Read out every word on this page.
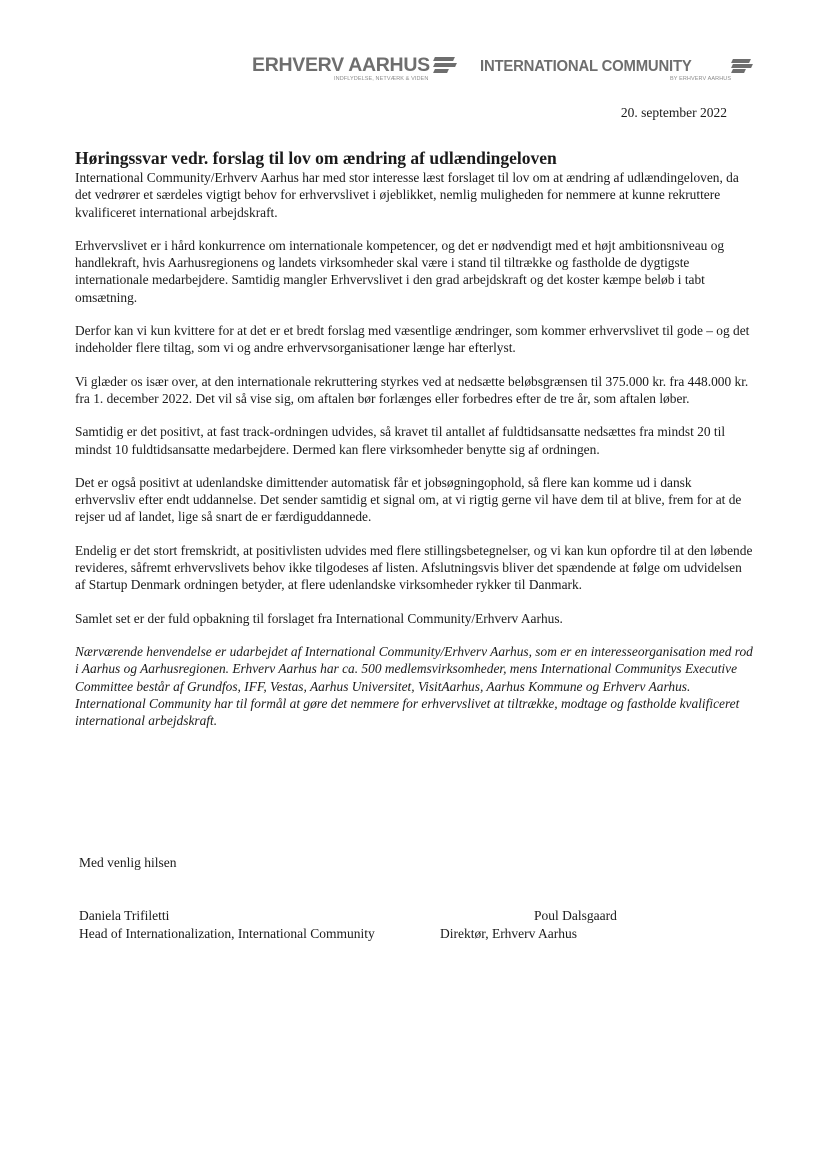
ERHVERV AARHUS
INDFLYDELSE, NETVÆRK & VIDEN
INTERNATIONAL COMMUNITY
BY ERHVERV AARHUS
20. september 2022
Høringssvar vedr. forslag til lov om ændring af udlændingeloven

International Community/Erhverv Aarhus har med stor interesse læst forslaget til lov om at ændring af udlændingeloven, da det vedrører et særdeles vigtigt behov for erhvervslivet i øjeblikket, nemlig muligheden for nemmere at kunne rekruttere kvalificeret international arbejdskraft.

Erhvervslivet er i hård konkurrence om internationale kompetencer, og det er nødvendigt med et højt ambitionsniveau og handlekraft, hvis Aarhusregionens og landets virksomheder skal være i stand til tiltrække og fastholde de dygtigste internationale medarbejdere. Samtidig mangler Erhvervslivet i den grad arbejdskraft og det koster kæmpe beløb i tabt omsætning.

Derfor kan vi kun kvittere for at det er et bredt forslag med væsentlige ændringer, som kommer erhvervslivet til gode – og det indeholder flere tiltag, som vi og andre erhvervsorganisationer længe har efterlyst.

Vi glæder os især over, at den internationale rekruttering styrkes ved at nedsætte beløbsgrænsen til 375.000 kr. fra 448.000 kr. fra 1. december 2022. Det vil så vise sig, om aftalen bør forlænges eller forbedres efter de tre år, som aftalen løber.

Samtidig er det positivt, at fast track-ordningen udvides, så kravet til antallet af fuldtidsansatte nedsættes fra mindst 20 til mindst 10 fuldtidsansatte medarbejdere. Dermed kan flere virksomheder benytte sig af ordningen.

Det er også positivt at udenlandske dimittender automatisk får et jobsøgningophold, så flere kan komme ud i dansk erhvervsliv efter endt uddannelse. Det sender samtidig et signal om, at vi rigtig gerne vil have dem til at blive, frem for at de rejser ud af landet, lige så snart de er færdiguddannede.

Endelig er det stort fremskridt, at positivlisten udvides med flere stillingsbetegnelser, og vi kan kun opfordre til at den løbende revideres, såfremt erhvervslivets behov ikke tilgodeses af listen. Afslutningsvis bliver det spændende at følge om udvidelsen af Startup Denmark ordningen betyder, at flere udenlandske virksomheder rykker til Danmark.

Samlet set er der fuld opbakning til forslaget fra International Community/Erhverv Aarhus.

Nærværende henvendelse er udarbejdet af International Community/Erhverv Aarhus, som er en interesseorganisation med rod i Aarhus og Aarhusregionen. Erhverv Aarhus har ca. 500 medlemsvirksomheder, mens International Communitys Executive Committee består af Grundfos, IFF, Vestas, Aarhus Universitet, VisitAarhus, Aarhus Kommune og Erhverv Aarhus. International Community har til formål at gøre det nemmere for erhvervslivet at tiltrække, modtage og fastholde kvalificeret international arbejdskraft.

Med venlig hilsen
Daniela Trifiletti
Head of Internationalization, International Community
Poul Dalsgaard
Direktør, Erhverv Aarhus
